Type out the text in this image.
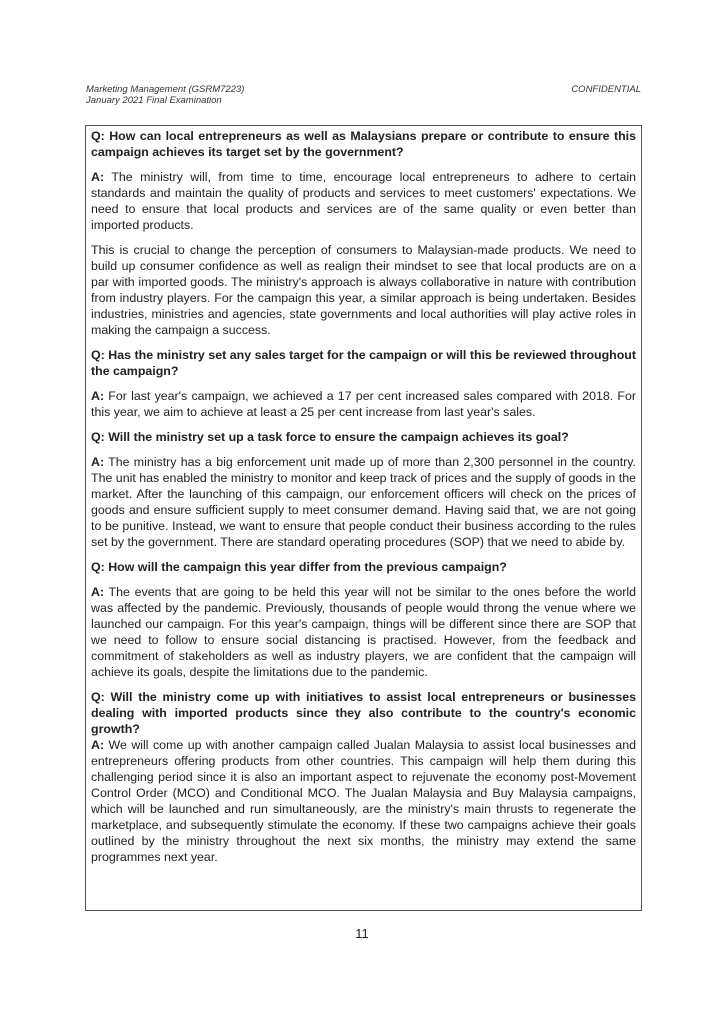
Marketing Management (GSRM7223)
January 2021 Final Examination
CONFIDENTIAL

Q: How can local entrepreneurs as well as Malaysians prepare or contribute to ensure this campaign achieves its target set by the government?

A: The ministry will, from time to time, encourage local entrepreneurs to adhere to certain standards and maintain the quality of products and services to meet customers' expectations. We need to ensure that local products and services are of the same quality or even better than imported products.

This is crucial to change the perception of consumers to Malaysian-made products. We need to build up consumer confidence as well as realign their mindset to see that local products are on a par with imported goods. The ministry's approach is always collaborative in nature with contribution from industry players. For the campaign this year, a similar approach is being undertaken. Besides industries, ministries and agencies, state governments and local authorities will play active roles in making the campaign a success.

Q: Has the ministry set any sales target for the campaign or will this be reviewed throughout the campaign?

A: For last year's campaign, we achieved a 17 per cent increased sales compared with 2018. For this year, we aim to achieve at least a 25 per cent increase from last year's sales.

Q: Will the ministry set up a task force to ensure the campaign achieves its goal?

A: The ministry has a big enforcement unit made up of more than 2,300 personnel in the country. The unit has enabled the ministry to monitor and keep track of prices and the supply of goods in the market. After the launching of this campaign, our enforcement officers will check on the prices of goods and ensure sufficient supply to meet consumer demand. Having said that, we are not going to be punitive. Instead, we want to ensure that people conduct their business according to the rules set by the government. There are standard operating procedures (SOP) that we need to abide by.

Q: How will the campaign this year differ from the previous campaign?

A: The events that are going to be held this year will not be similar to the ones before the world was affected by the pandemic. Previously, thousands of people would throng the venue where we launched our campaign. For this year's campaign, things will be different since there are SOP that we need to follow to ensure social distancing is practised. However, from the feedback and commitment of stakeholders as well as industry players, we are confident that the campaign will achieve its goals, despite the limitations due to the pandemic.

Q: Will the ministry come up with initiatives to assist local entrepreneurs or businesses dealing with imported products since they also contribute to the country's economic growth?

A: We will come up with another campaign called Jualan Malaysia to assist local businesses and entrepreneurs offering products from other countries. This campaign will help them during this challenging period since it is also an important aspect to rejuvenate the economy post-Movement Control Order (MCO) and Conditional MCO. The Jualan Malaysia and Buy Malaysia campaigns, which will be launched and run simultaneously, are the ministry's main thrusts to regenerate the marketplace, and subsequently stimulate the economy. If these two campaigns achieve their goals outlined by the ministry throughout the next six months, the ministry may extend the same programmes next year.

11
